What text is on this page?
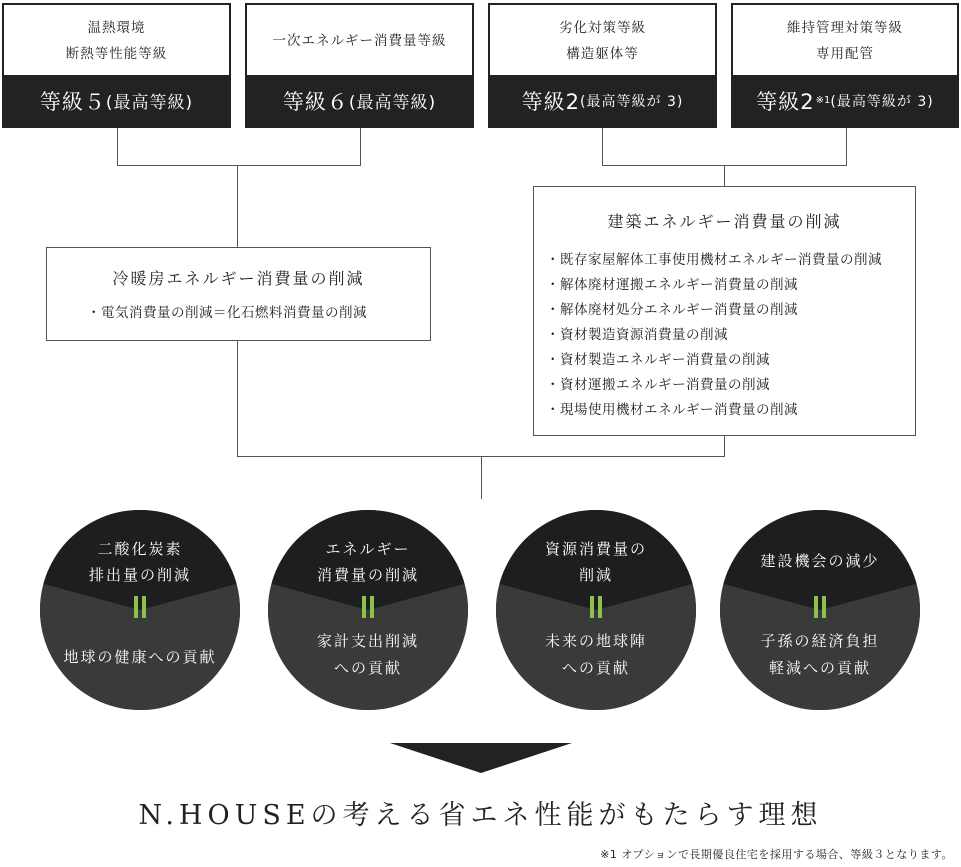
温熱環境
断熱等性能等級
等級５ (最高等級)
一次エネルギー消費量等級
等級６ (最高等級)
劣化対策等級
構造躯体等
等級2 (最高等級が 3)
維持管理対策等級
専用配管
等級2 ※1 (最高等級が 3)
冷暖房エネルギー消費量の削減
・電気消費量の削減＝化石燃料消費量の削減
建築エネルギー消費量の削減
・既存家屋解体工事使用機材エネルギー消費量の削減
・解体廃材運搬エネルギー消費量の削減
・解体廃材処分エネルギー消費量の削減
・資材製造資源消費量の削減
・資材製造エネルギー消費量の削減
・資材運搬エネルギー消費量の削減
・現場使用機材エネルギー消費量の削減
二酸化炭素
排出量の削減
地球の健康への貢献
エネルギー
消費量の削減
家計支出削減
への貢献
資源消費量の
削減
未来の地球陣
への貢献
建設機会の減少
子孫の経済負担
軽減への貢献
N.HOUSEの考える省エネ性能がもたらす理想
※1 オプションで長期優良住宅を採用する場合、等級３となります。
